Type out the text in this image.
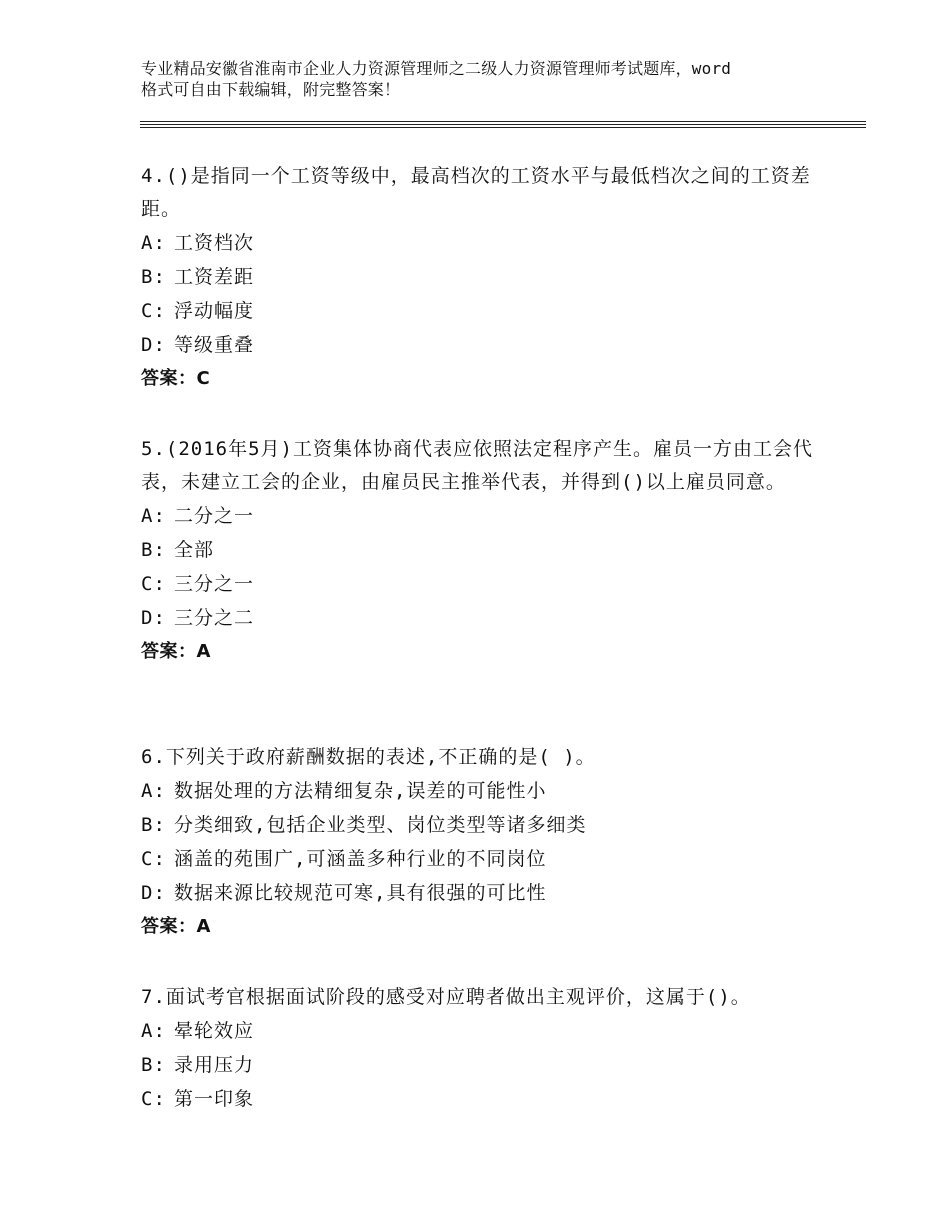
专业精品安徽省淮南市企业人力资源管理师之二级人力资源管理师考试题库，word
格式可自由下载编辑，附完整答案！
4.()是指同一个工资等级中，最高档次的工资水平与最低档次之间的工资差距。
A: 工资档次
B: 工资差距
C: 浮动幅度
D: 等级重叠
答案：C
5.(2016年5月)工资集体协商代表应依照法定程序产生。雇员一方由工会代表，未建立工会的企业，由雇员民主推举代表，并得到()以上雇员同意。
A: 二分之一
B: 全部
C: 三分之一
D: 三分之二
答案：A
6.下列关于政府薪酬数据的表述,不正确的是( )。
A: 数据处理的方法精细复杂,误差的可能性小
B: 分类细致,包括企业类型、岗位类型等诸多细类
C: 涵盖的苑围广,可涵盖多种行业的不同岗位
D: 数据来源比较规范可寒,具有很强的可比性
答案：A
7.面试考官根据面试阶段的感受对应聘者做出主观评价，这属于()。
A: 晕轮效应
B: 录用压力
C: 第一印象
